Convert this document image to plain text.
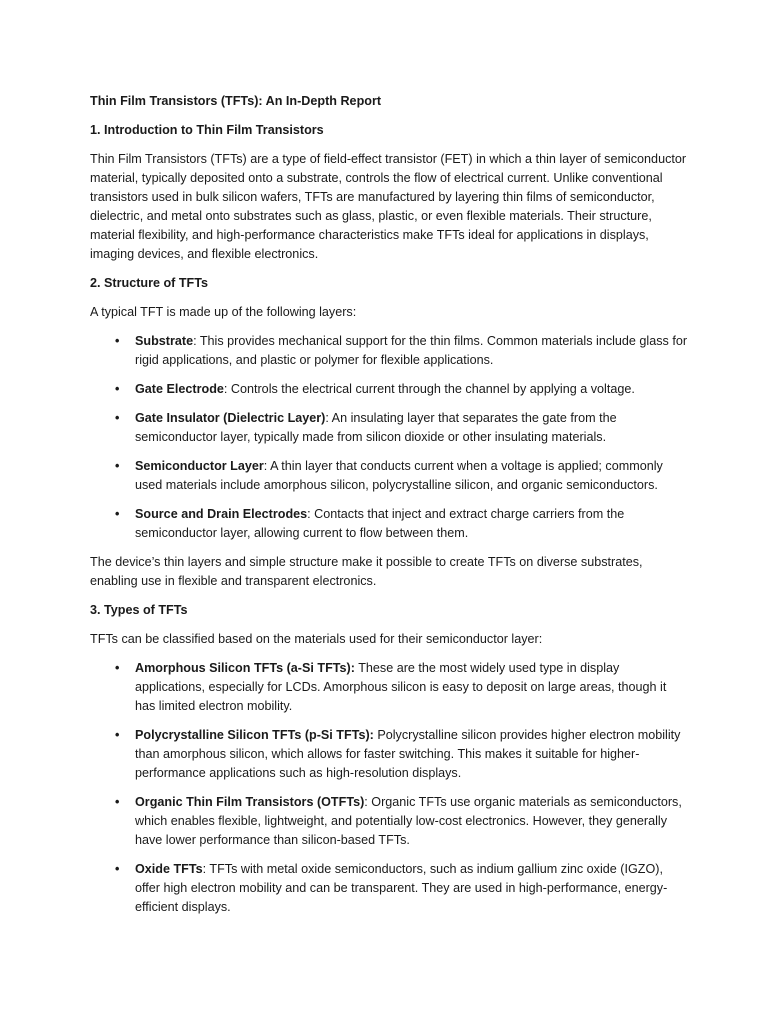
Thin Film Transistors (TFTs): An In-Depth Report
1. Introduction to Thin Film Transistors

Thin Film Transistors (TFTs) are a type of field-effect transistor (FET) in which a thin layer of semiconductor material, typically deposited onto a substrate, controls the flow of electrical current. Unlike conventional transistors used in bulk silicon wafers, TFTs are manufactured by layering thin films of semiconductor, dielectric, and metal onto substrates such as glass, plastic, or even flexible materials. Their structure, material flexibility, and high-performance characteristics make TFTs ideal for applications in displays, imaging devices, and flexible electronics.

2. Structure of TFTs

A typical TFT is made up of the following layers:

• Substrate: This provides mechanical support for the thin films. Common materials include glass for rigid applications, and plastic or polymer for flexible applications.
• Gate Electrode: Controls the electrical current through the channel by applying a voltage.
• Gate Insulator (Dielectric Layer): An insulating layer that separates the gate from the semiconductor layer, typically made from silicon dioxide or other insulating materials.
• Semiconductor Layer: A thin layer that conducts current when a voltage is applied; commonly used materials include amorphous silicon, polycrystalline silicon, and organic semiconductors.
• Source and Drain Electrodes: Contacts that inject and extract charge carriers from the semiconductor layer, allowing current to flow between them.

The device’s thin layers and simple structure make it possible to create TFTs on diverse substrates, enabling use in flexible and transparent electronics.

3. Types of TFTs

TFTs can be classified based on the materials used for their semiconductor layer:

• Amorphous Silicon TFTs (a-Si TFTs): These are the most widely used type in display applications, especially for LCDs. Amorphous silicon is easy to deposit on large areas, though it has limited electron mobility.
• Polycrystalline Silicon TFTs (p-Si TFTs): Polycrystalline silicon provides higher electron mobility than amorphous silicon, which allows for faster switching. This makes it suitable for higher-performance applications such as high-resolution displays.
• Organic Thin Film Transistors (OTFTs): Organic TFTs use organic materials as semiconductors, which enables flexible, lightweight, and potentially low-cost electronics. However, they generally have lower performance than silicon-based TFTs.
• Oxide TFTs: TFTs with metal oxide semiconductors, such as indium gallium zinc oxide (IGZO), offer high electron mobility and can be transparent. They are used in high-performance, energy-efficient displays.
